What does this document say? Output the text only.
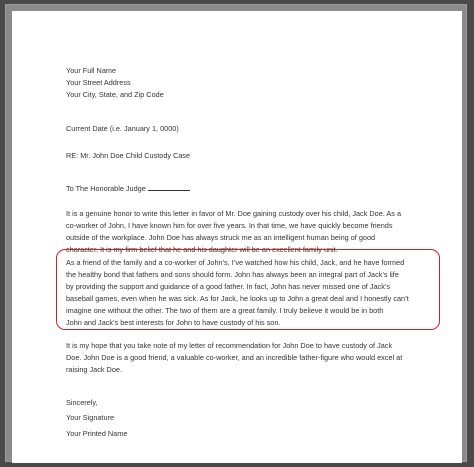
Your Full Name
Your Street Address
Your City, State, and Zip Code
Current Date (i.e. January 1, 0000)
RE: Mr. John Doe Child Custody Case
To The Honorable Judge
It is a genuine honor to write this letter in favor of Mr. Doe gaining custody over his child, Jack Doe. As a
co-worker of John, I have known him for over five years. In that time, we have quickly become friends
outside of the workplace. John Doe has always struck me as an intelligent human being of good
character. It is my firm belief that he and his daughter will be an excellent family unit.
As a friend of the family and a co-worker of John’s, I’ve watched how his child, Jack, and he have formed
the healthy bond that fathers and sons should form. John has always been an integral part of Jack’s life
by providing the support and guidance of a good father. In fact, John has never missed one of Jack’s
baseball games, even when he was sick. As for Jack, he looks up to John a great deal and I honestly can’t
imagine one without the other. The two of them are a great family. I truly believe it would be in both
John and Jack’s best interests for John to have custody of his son.
It is my hope that you take note of my letter of recommendation for John Doe to have custody of Jack
Doe. John Doe is a good friend, a valuable co-worker, and an incredible father-figure who would excel at
raising Jack Doe.
Sincerely,
Your Signature
Your Printed Name
